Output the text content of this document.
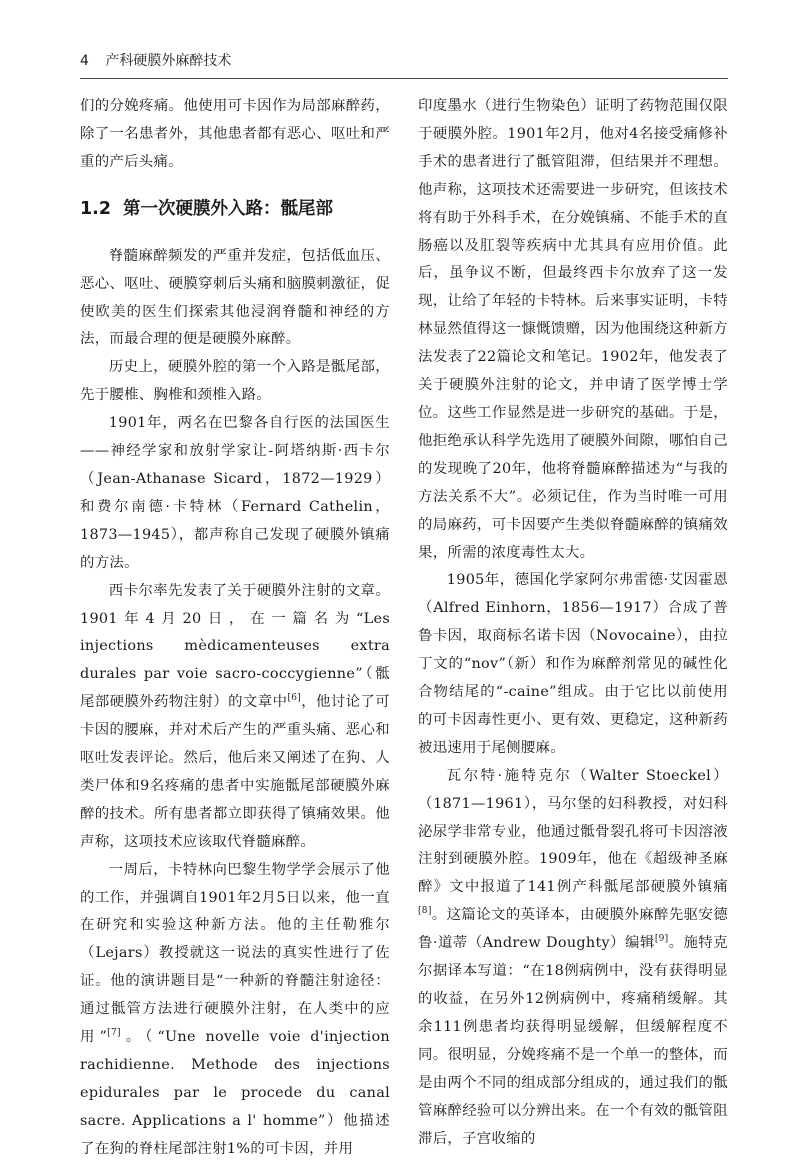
4 产科硬膜外麻醉技术

们的分娩疼痛。他使用可卡因作为局部麻醉药，除了一名患者外，其他患者都有恶心、呕吐和严重的产后头痛。

1.2 第一次硬膜外入路：骶尾部

脊髓麻醉频发的严重并发症，包括低血压、恶心、呕吐、硬膜穿刺后头痛和脑膜刺激征，促使欧美的医生们探索其他浸润脊髓和神经的方法，而最合理的便是硬膜外麻醉。

历史上，硬膜外腔的第一个入路是骶尾部，先于腰椎、胸椎和颈椎入路。

1901年，两名在巴黎各自行医的法国医生——神经学家和放射学家让-阿塔纳斯·西卡尔（Jean-Athanase Sicard，1872—1929）和费尔南德·卡特林（Fernard Cathelin，1873—1945），都声称自己发现了硬膜外镇痛的方法。

西卡尔率先发表了关于硬膜外注射的文章。1901年4月20日，在一篇名为“Les injections mèdicamenteuses extra durales par voie sacro-coccygienne”（骶尾部硬膜外药物注射）的文章中[6]，他讨论了可卡因的腰麻，并对术后产生的严重头痛、恶心和呕吐发表评论。然后，他后来又阐述了在狗、人类尸体和9名疼痛的患者中实施骶尾部硬膜外麻醉的技术。所有患者都立即获得了镇痛效果。他声称，这项技术应该取代脊髓麻醉。

一周后，卡特林向巴黎生物学学会展示了他的工作，并强调自1901年2月5日以来，他一直在研究和实验这种新方法。他的主任勒雅尔（Lejars）教授就这一说法的真实性进行了佐证。他的演讲题目是“一种新的脊髓注射途径：通过骶管方法进行硬膜外注射，在人类中的应用”[7]。（“Une novelle voie d'injection rachidienne. Methode des injections epidurales par le procede du canal sacre. Applications a l' homme”）他描述了在狗的脊柱尾部注射1%的可卡因，并用

印度墨水（进行生物染色）证明了药物范围仅限于硬膜外腔。1901年2月，他对4名接受痛修补手术的患者进行了骶管阻滞，但结果并不理想。他声称，这项技术还需要进一步研究，但该技术将有助于外科手术，在分娩镇痛、不能手术的直肠癌以及肛裂等疾病中尤其具有应用价值。此后，虽争议不断，但最终西卡尔放弃了这一发现，让给了年轻的卡特林。后来事实证明，卡特林显然值得这一慷慨馈赠，因为他围绕这种新方法发表了22篇论文和笔记。1902年，他发表了关于硬膜外注射的论文，并申请了医学博士学位。这些工作显然是进一步研究的基础。于是，他拒绝承认科学先选用了硬膜外间隙，哪怕自己的发现晚了20年，他将脊髓麻醉描述为“与我的方法关系不大”。必须记住，作为当时唯一可用的局麻药，可卡因要产生类似脊髓麻醉的镇痛效果，所需的浓度毒性太大。

1905年，德国化学家阿尔弗雷德·艾因霍恩（Alfred Einhorn，1856—1917）合成了普鲁卡因，取商标名诺卡因（Novocaine），由拉丁文的“nov”（新）和作为麻醉剂常见的碱性化合物结尾的“-caine”组成。由于它比以前使用的可卡因毒性更小、更有效、更稳定，这种新药被迅速用于尾侧腰麻。

瓦尔特·施特克尔（Walter Stoeckel）（1871—1961），马尔堡的妇科教授，对妇科泌尿学非常专业，他通过骶骨裂孔将可卡因溶液注射到硬膜外腔。1909年，他在《超级神圣麻醉》文中报道了141例产科骶尾部硬膜外镇痛[8]。这篇论文的英译本，由硬膜外麻醉先驱安德鲁·道蒂（Andrew Doughty）编辑[9]。施特克尔据译本写道：“在18例病例中，没有获得明显的收益，在另外12例病例中，疼痛稍缓解。其余111例患者均获得明显缓解，但缓解程度不同。很明显，分娩疼痛不是一个单一的整体，而是由两个不同的组成部分组成的，通过我们的骶管麻醉经验可以分辨出来。在一个有效的骶管阻滞后，子宫收缩的
